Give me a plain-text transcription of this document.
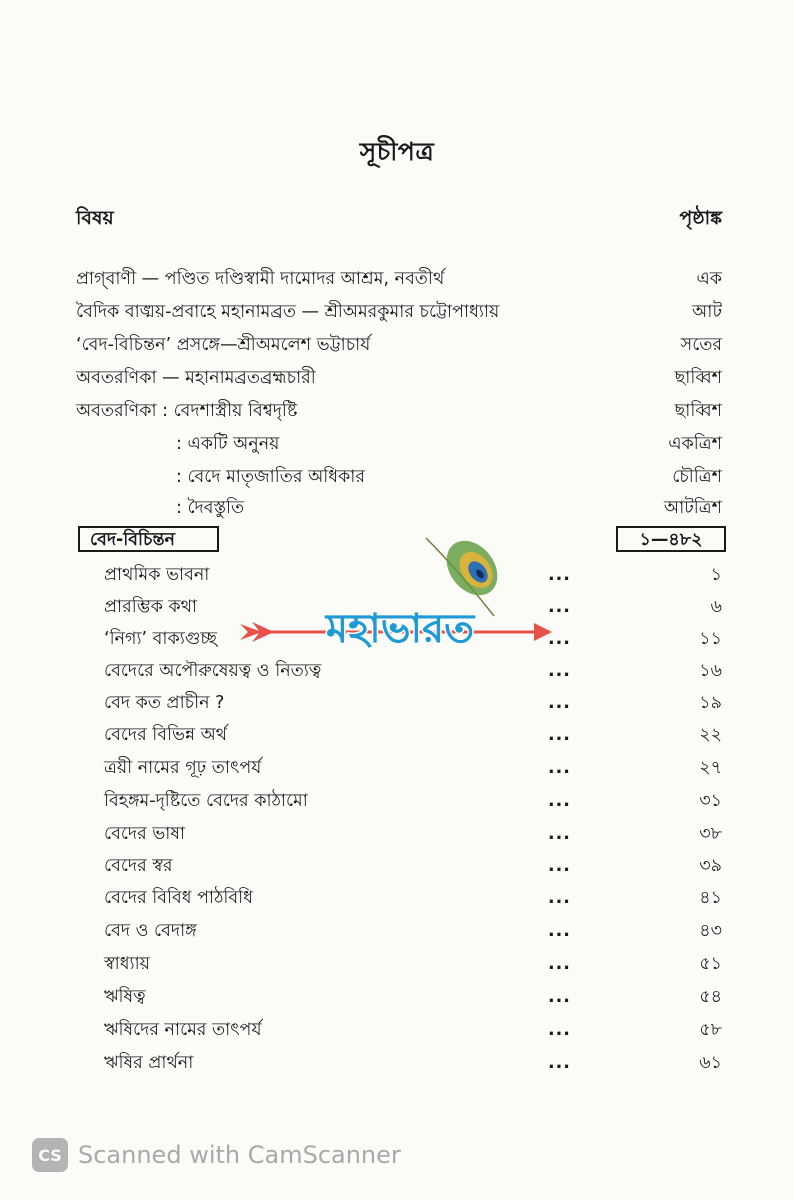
সূচীপত্র
বিষয়	পৃষ্ঠাঙ্ক
প্রাগ্‌বাণী — পণ্ডিত দণ্ডিস্বামী দামোদর আশ্রম, নবতীর্থ	এক
বৈদিক বাঙ্ময়-প্রবাহে মহানামব্রত — শ্রীঅমরকুমার চট্টোপাধ্যায়	আট
‘বেদ-বিচিন্তন’ প্রসঙ্গে—শ্রীঅমলেশ ভট্টাচার্য	সতের
অবতরণিকা — মহানামব্রতব্রহ্মচারী	ছাব্বিশ
অবতরণিকা : বেদশাস্ত্রীয় বিশ্বদৃষ্টি	ছাব্বিশ
: একটি অনুনয়	একত্রিশ
: বেদে মাতৃজাতির অধিকার	চৌত্রিশ
: দৈবস্তুতি	আটত্রিশ
বেদ-বিচিন্তন	১—৪৮২
প্রাথমিক ভাবনা	...	১
প্রারম্ভিক কথা	...	৬
‘নিগ্য’ বাক্যগুচ্ছ	...	১১
বেদেরে অপৌরুষেয়ত্ব ও নিত্যত্ব	...	১৬
বেদ কত প্রাচীন ?	...	১৯
বেদের বিভিন্ন অর্থ	...	২২
ত্রয়ী নামের গূঢ় তাৎপর্য	...	২৭
বিহঙ্গম-দৃষ্টিতে বেদের কাঠামো	...	৩১
বেদের ভাষা	...	৩৮
বেদের স্বর	...	৩৯
বেদের বিবিধ পাঠবিধি	...	৪১
বেদ ও বেদাঙ্গ	...	৪৩
স্বাধ্যায়	...	৫১
ঋষিত্ব	...	৫৪
ঋষিদের নামের তাৎপর্য	...	৫৮
ঋষির প্রার্থনা	...	৬১
মহাভারত
CS Scanned with CamScanner
